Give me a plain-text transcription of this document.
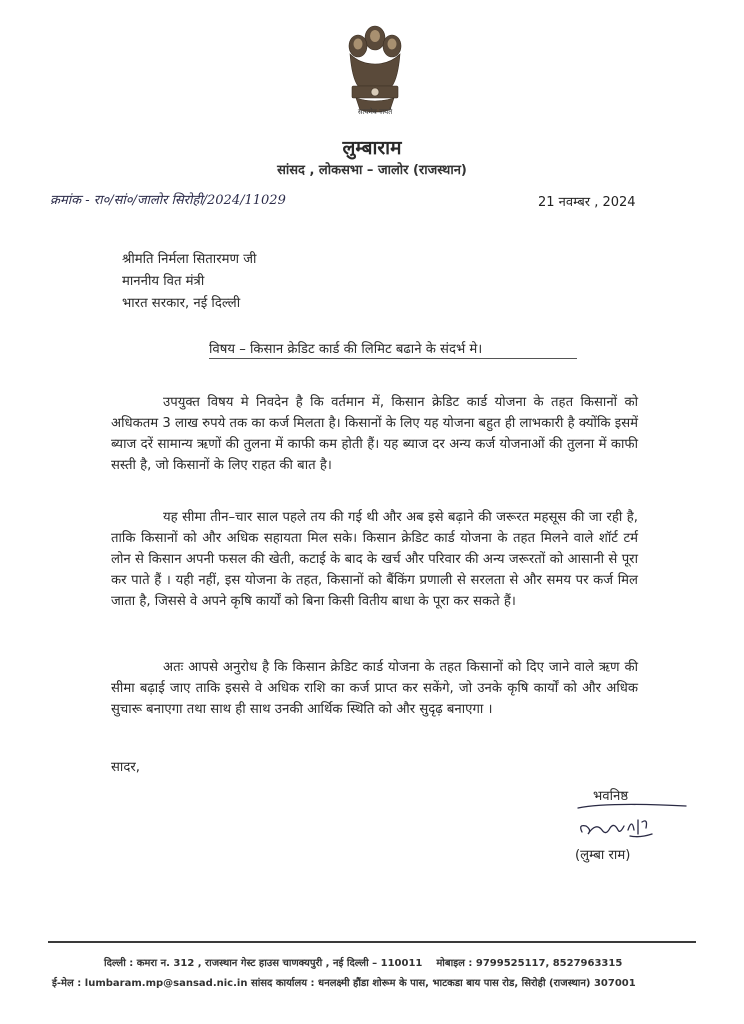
सत्यमेव जयते
लुम्बाराम
सांसद , लोकसभा – जालोर (राजस्थान)
क्रमांक - रा०/सां०/जालोर सिरोही/2024/11029	21 नवम्बर , 2024
श्रीमति निर्मला सितारमण जी
माननीय वित मंत्री
भारत सरकार, नई दिल्ली
विषय – किसान क्रेडिट कार्ड की लिमिट बढाने के संदर्भ मे।

उपयुक्त विषय मे निवदेन है कि वर्तमान में, किसान क्रेडिट कार्ड योजना के तहत किसानों को अधिकतम 3 लाख रुपये तक का कर्ज मिलता है। किसानों के लिए यह योजना बहुत ही लाभकारी है क्योंकि इसमें ब्याज दरें सामान्य ऋणों की तुलना में काफी कम होती हैं। यह ब्याज दर अन्य कर्ज योजनाओं की तुलना में काफी सस्ती है, जो किसानों के लिए राहत की बात है।

यह सीमा तीन–चार साल पहले तय की गई थी और अब इसे बढ़ाने की जरूरत महसूस की जा रही है, ताकि किसानों को और अधिक सहायता मिल सके। किसान क्रेडिट कार्ड योजना के तहत मिलने वाले शॉर्ट टर्म लोन से किसान अपनी फसल की खेती, कटाई के बाद के खर्च और परिवार की अन्य जरूरतों को आसानी से पूरा कर पाते हैं । यही नहीं, इस योजना के तहत, किसानों को बैंकिंग प्रणाली से सरलता से और समय पर कर्ज मिल जाता है, जिससे वे अपने कृषि कार्यों को बिना किसी वितीय बाधा के पूरा कर सकते हैं।

अतः आपसे अनुरोध है कि किसान क्रेडिट कार्ड योजना के तहत किसानों को दिए जाने वाले ऋण की सीमा बढ़ाई जाए ताकि इससे वे अधिक राशि का कर्ज प्राप्त कर सकेंगे, जो उनके कृषि कार्यों को और अधिक सुचारू बनाएगा तथा साथ ही साथ उनकी आर्थिक स्थिति को और सुदृढ़ बनाएगा ।

सादर,
भवनिष्ठ
(लुम्बा राम)
दिल्ली : कमरा न. 312 , राजस्थान गेस्ट हाउस चाणक्यपुरी , नई दिल्ली – 110011 मोबाइल : 9799525117, 8527963315
ई-मेल : lumbaram.mp@sansad.nic.in सांसद कार्यालय : धनलक्ष्मी हौंडा शोरूम के पास, भाटकडा बाय पास रोड, सिरोही (राजस्थान) 307001
